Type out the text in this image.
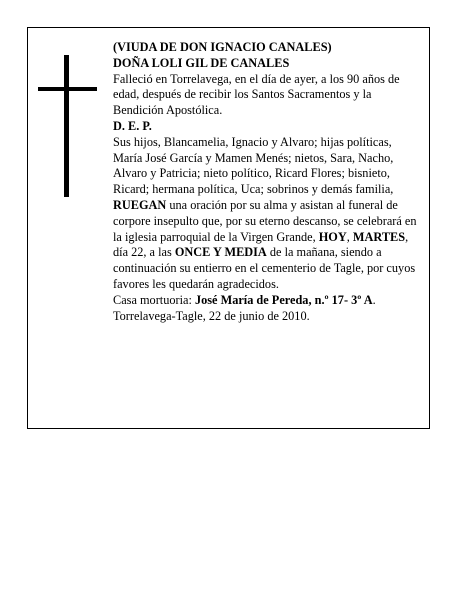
(VIUDA DE DON IGNACIO CANALES)

DOÑA LOLI GIL DE CANALES

Falleció en Torrelavega, en el día de ayer, a los 90 años de edad, después de recibir los Santos Sacramentos y la Bendición Apostólica.

D. E. P.

Sus hijos, Blancamelia, Ignacio y Alvaro; hijas políticas, María José García y Mamen Menés; nietos, Sara, Nacho, Alvaro y Patricia; nieto político, Ricard Flores; bisnieto, Ricard; hermana política, Uca; sobrinos y demás familia,

RUEGAN una oración por su alma y asistan al funeral de corpore insepulto que, por su eterno descanso, se celebrará en la iglesia parroquial de la Virgen Grande, HOY, MARTES, día 22, a las ONCE Y MEDIA de la mañana, siendo a continuación su entierro en el cementerio de Tagle, por cuyos favores les quedarán agradecidos.

Casa mortuoria: José María de Pereda, n.º 17- 3º A.

Torrelavega-Tagle, 22 de junio de 2010.
